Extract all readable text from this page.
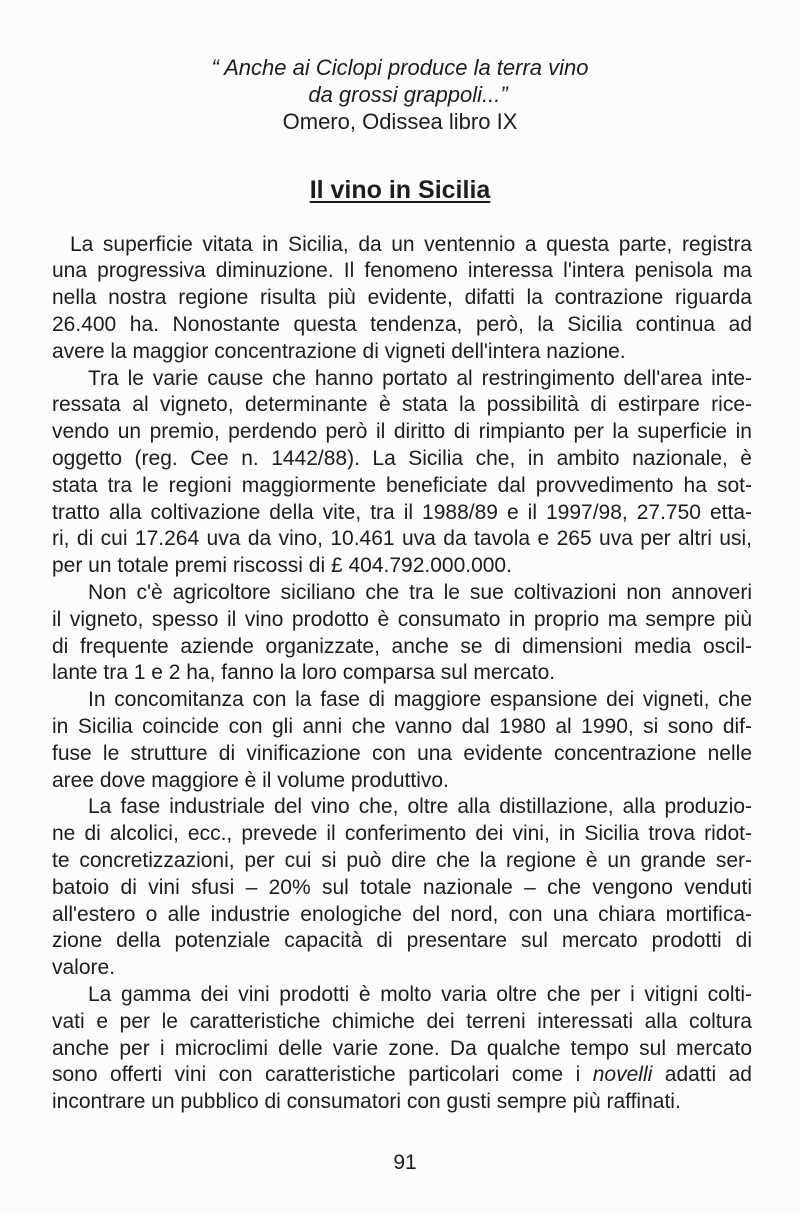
“ Anche ai Ciclopi produce la terra vino
da grossi grappoli...”
Omero, Odissea libro IX
Il vino in Sicilia
La superficie vitata in Sicilia, da un ventennio a questa parte, registra
una progressiva diminuzione. Il fenomeno interessa l'intera penisola ma
nella nostra regione risulta più evidente, difatti la contrazione riguarda
26.400 ha. Nonostante questa tendenza, però, la Sicilia continua ad
avere la maggior concentrazione di vigneti dell'intera nazione.
Tra le varie cause che hanno portato al restringimento dell'area inte-
ressata al vigneto, determinante è stata la possibilità di estirpare rice-
vendo un premio, perdendo però il diritto di rimpianto per la superficie in
oggetto (reg. Cee n. 1442/88). La Sicilia che, in ambito nazionale, è
stata tra le regioni maggiormente beneficiate dal provvedimento ha sot-
tratto alla coltivazione della vite, tra il 1988/89 e il 1997/98, 27.750 etta-
ri, di cui 17.264 uva da vino, 10.461 uva da tavola e 265 uva per altri usi,
per un totale premi riscossi di £ 404.792.000.000.
Non c'è agricoltore siciliano che tra le sue coltivazioni non annoveri
il vigneto, spesso il vino prodotto è consumato in proprio ma sempre più
di frequente aziende organizzate, anche se di dimensioni media oscil-
lante tra 1 e 2 ha, fanno la loro comparsa sul mercato.
In concomitanza con la fase di maggiore espansione dei vigneti, che
in Sicilia coincide con gli anni che vanno dal 1980 al 1990, si sono dif-
fuse le strutture di vinificazione con una evidente concentrazione nelle
aree dove maggiore è il volume produttivo.
La fase industriale del vino che, oltre alla distillazione, alla produzio-
ne di alcolici, ecc., prevede il conferimento dei vini, in Sicilia trova ridot-
te concretizzazioni, per cui si può dire che la regione è un grande ser-
batoio di vini sfusi – 20% sul totale nazionale – che vengono venduti
all'estero o alle industrie enologiche del nord, con una chiara mortifica-
zione della potenziale capacità di presentare sul mercato prodotti di
valore.
La gamma dei vini prodotti è molto varia oltre che per i vitigni colti-
vati e per le caratteristiche chimiche dei terreni interessati alla coltura
anche per i microclimi delle varie zone. Da qualche tempo sul mercato
sono offerti vini con caratteristiche particolari come i novelli adatti ad
incontrare un pubblico di consumatori con gusti sempre più raffinati.
91
